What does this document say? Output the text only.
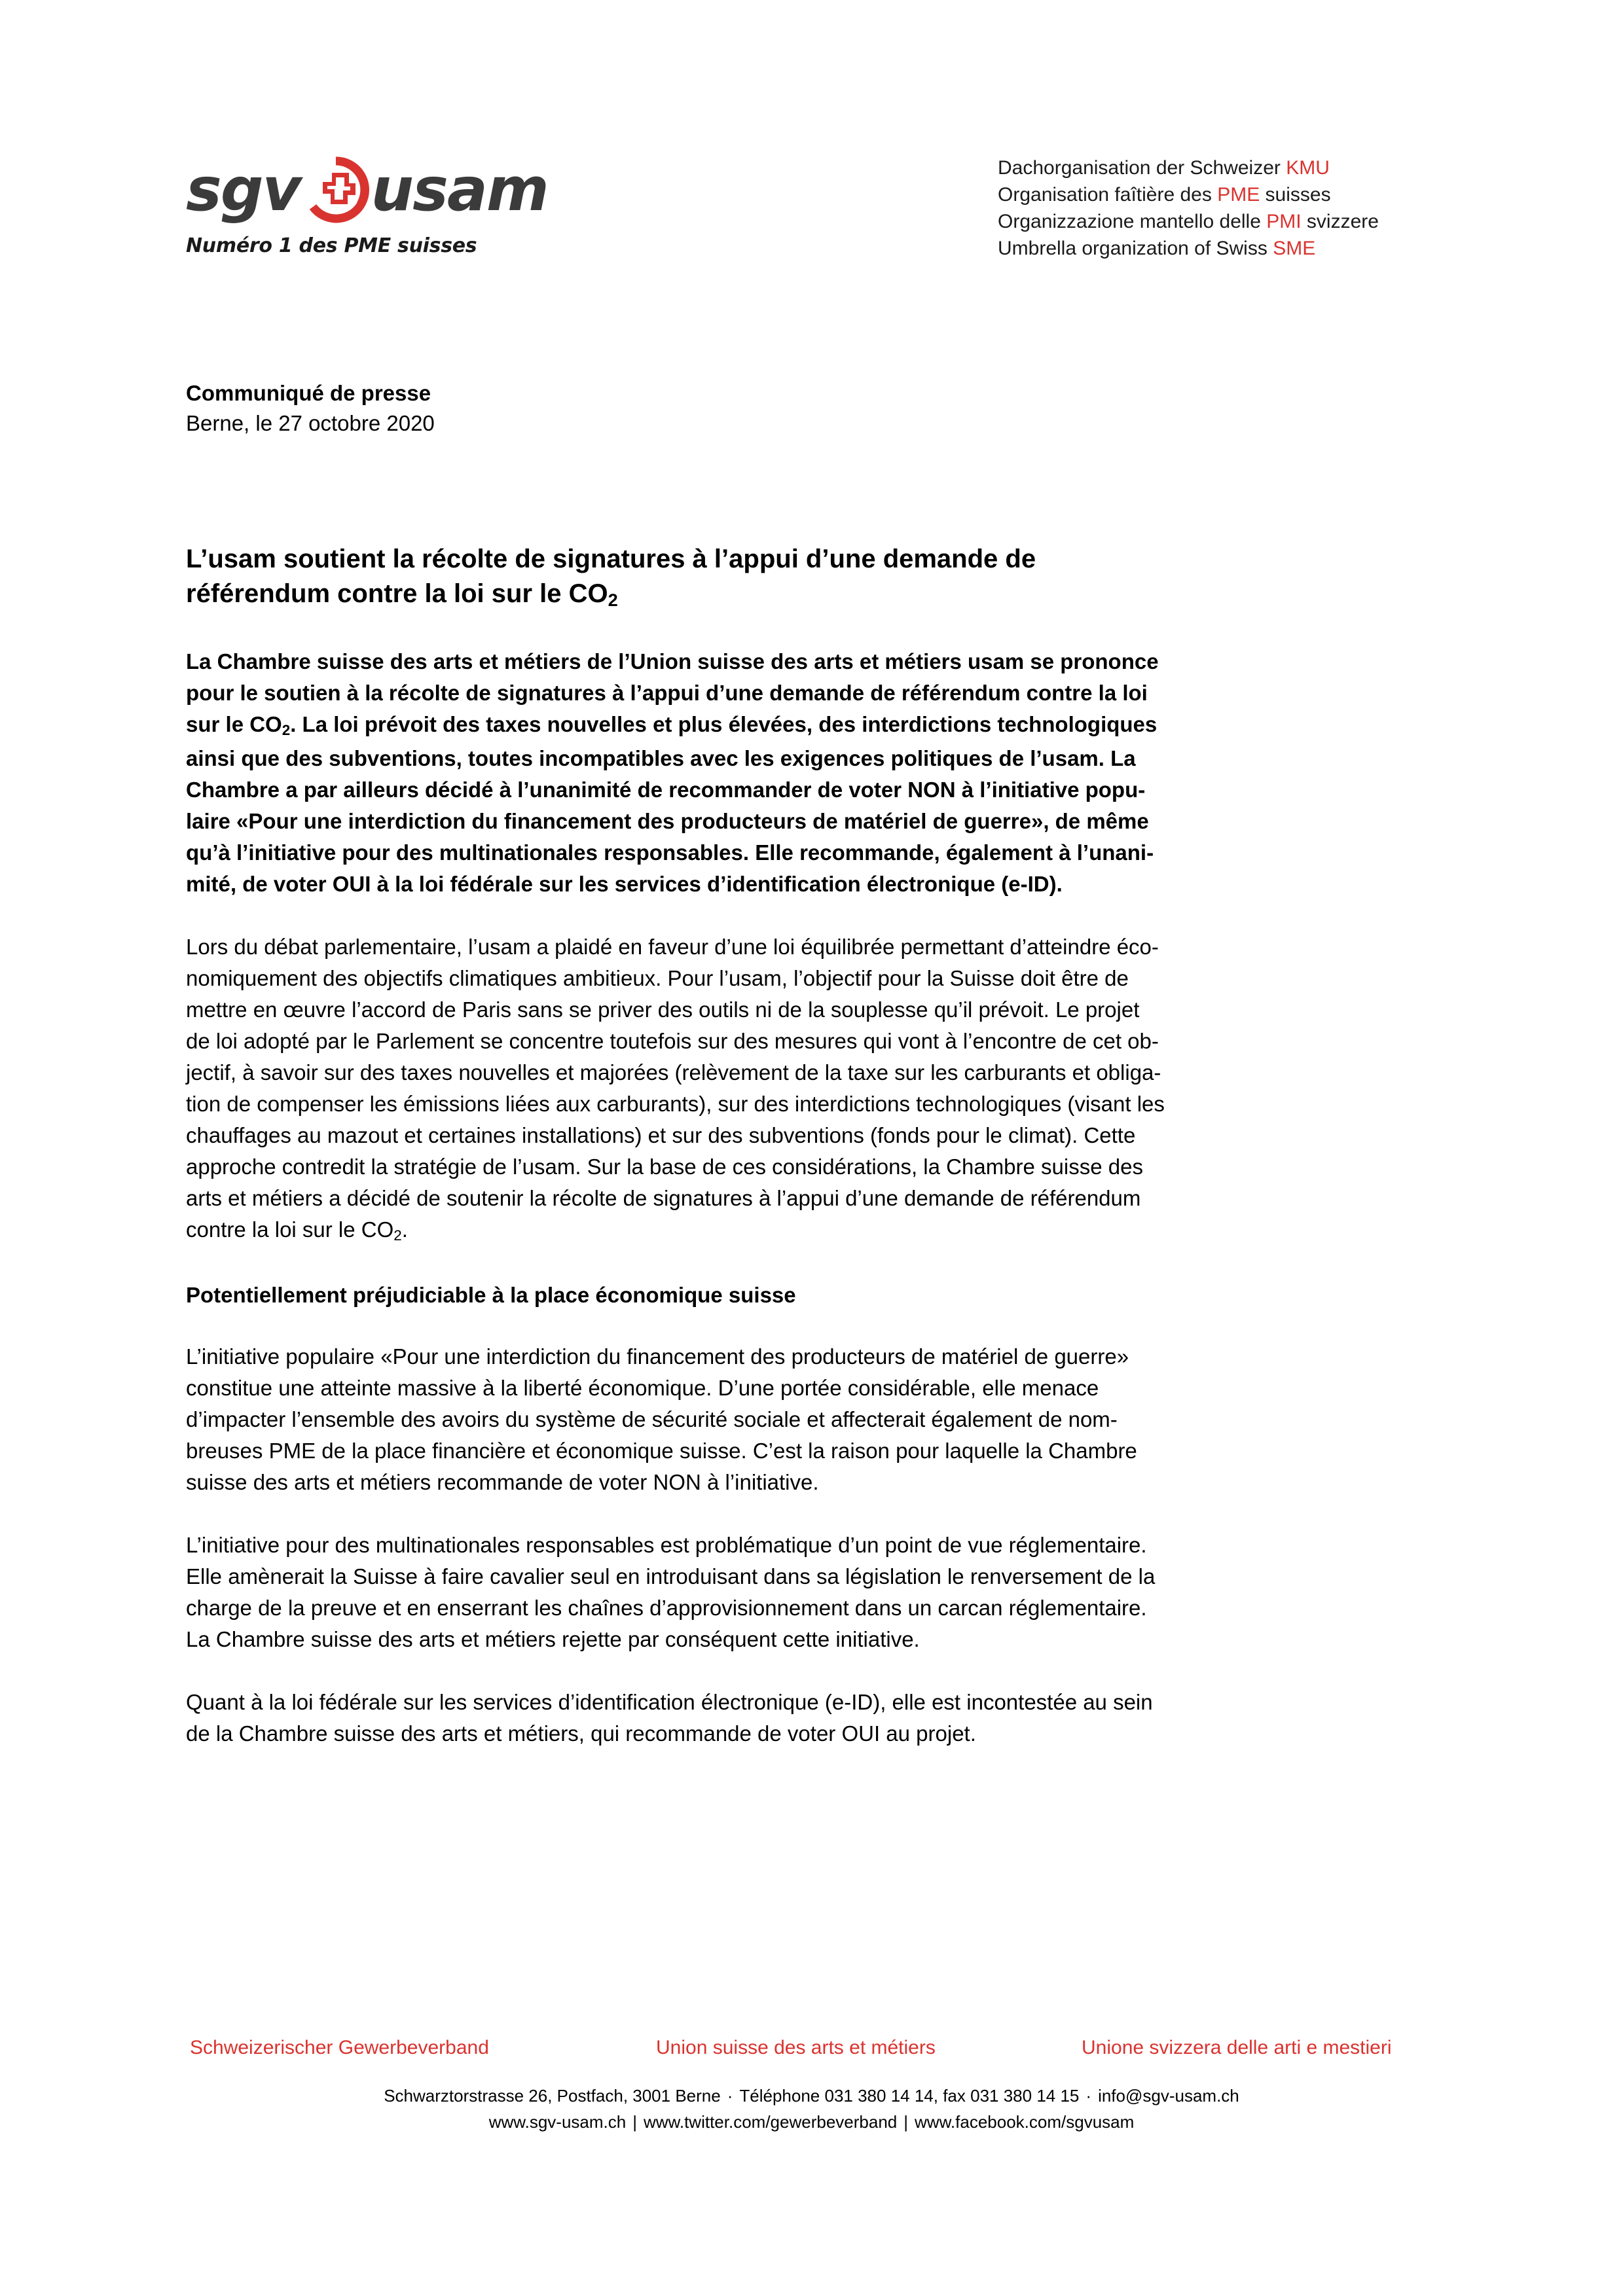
sgv usam
Numéro 1 des PME suisses
Dachorganisation der Schweizer KMU
Organisation faîtière des PME suisses
Organizzazione mantello delle PMI svizzere
Umbrella organization of Swiss SME
Communiqué de presse
Berne, le 27 octobre 2020
L’usam soutient la récolte de signatures à l’appui d’une demande de
référendum contre la loi sur le $CO_2$

La Chambre suisse des arts et métiers de l’Union suisse des arts et métiers usam se prononce
pour le soutien à la récolte de signatures à l’appui d’une demande de référendum contre la loi
sur le $CO_2$. La loi prévoit des taxes nouvelles et plus élevées, des interdictions technologiques
ainsi que des subventions, toutes incompatibles avec les exigences politiques de l’usam. La
Chambre a par ailleurs décidé à l’unanimité de recommander de voter NON à l’initiative popu-
laire «Pour une interdiction du financement des producteurs de matériel de guerre», de même
qu’à l’initiative pour des multinationales responsables. Elle recommande, également à l’unani-
mité, de voter OUI à la loi fédérale sur les services d’identification électronique (e-ID).

Lors du débat parlementaire, l’usam a plaidé en faveur d’une loi équilibrée permettant d’atteindre éco-
nomiquement des objectifs climatiques ambitieux. Pour l’usam, l’objectif pour la Suisse doit être de
mettre en œuvre l’accord de Paris sans se priver des outils ni de la souplesse qu’il prévoit. Le projet
de loi adopté par le Parlement se concentre toutefois sur des mesures qui vont à l’encontre de cet ob-
jectif, à savoir sur des taxes nouvelles et majorées (relèvement de la taxe sur les carburants et obliga-
tion de compenser les émissions liées aux carburants), sur des interdictions technologiques (visant les
chauffages au mazout et certaines installations) et sur des subventions (fonds pour le climat). Cette
approche contredit la stratégie de l’usam. Sur la base de ces considérations, la Chambre suisse des
arts et métiers a décidé de soutenir la récolte de signatures à l’appui d’une demande de référendum
contre la loi sur le $CO_2$.

Potentiellement préjudiciable à la place économique suisse

L’initiative populaire «Pour une interdiction du financement des producteurs de matériel de guerre»
constitue une atteinte massive à la liberté économique. D’une portée considérable, elle menace
d’impacter l’ensemble des avoirs du système de sécurité sociale et affecterait également de nom-
breuses PME de la place financière et économique suisse. C’est la raison pour laquelle la Chambre
suisse des arts et métiers recommande de voter NON à l’initiative.

L’initiative pour des multinationales responsables est problématique d’un point de vue réglementaire.
Elle amènerait la Suisse à faire cavalier seul en introduisant dans sa législation le renversement de la
charge de la preuve et en enserrant les chaînes d’approvisionnement dans un carcan réglementaire.
La Chambre suisse des arts et métiers rejette par conséquent cette initiative.

Quant à la loi fédérale sur les services d’identification électronique (e-ID), elle est incontestée au sein
de la Chambre suisse des arts et métiers, qui recommande de voter OUI au projet.

Schweizerischer Gewerbeverband	Union suisse des arts et métiers	Unione svizzera delle arti e mestieri
Schwarztorstrasse 26, Postfach, 3001 Berne · Téléphone 031 380 14 14, fax 031 380 14 15 · info@sgv-usam.ch
www.sgv-usam.ch | www.twitter.com/gewerbeverband | www.facebook.com/sgvusam
